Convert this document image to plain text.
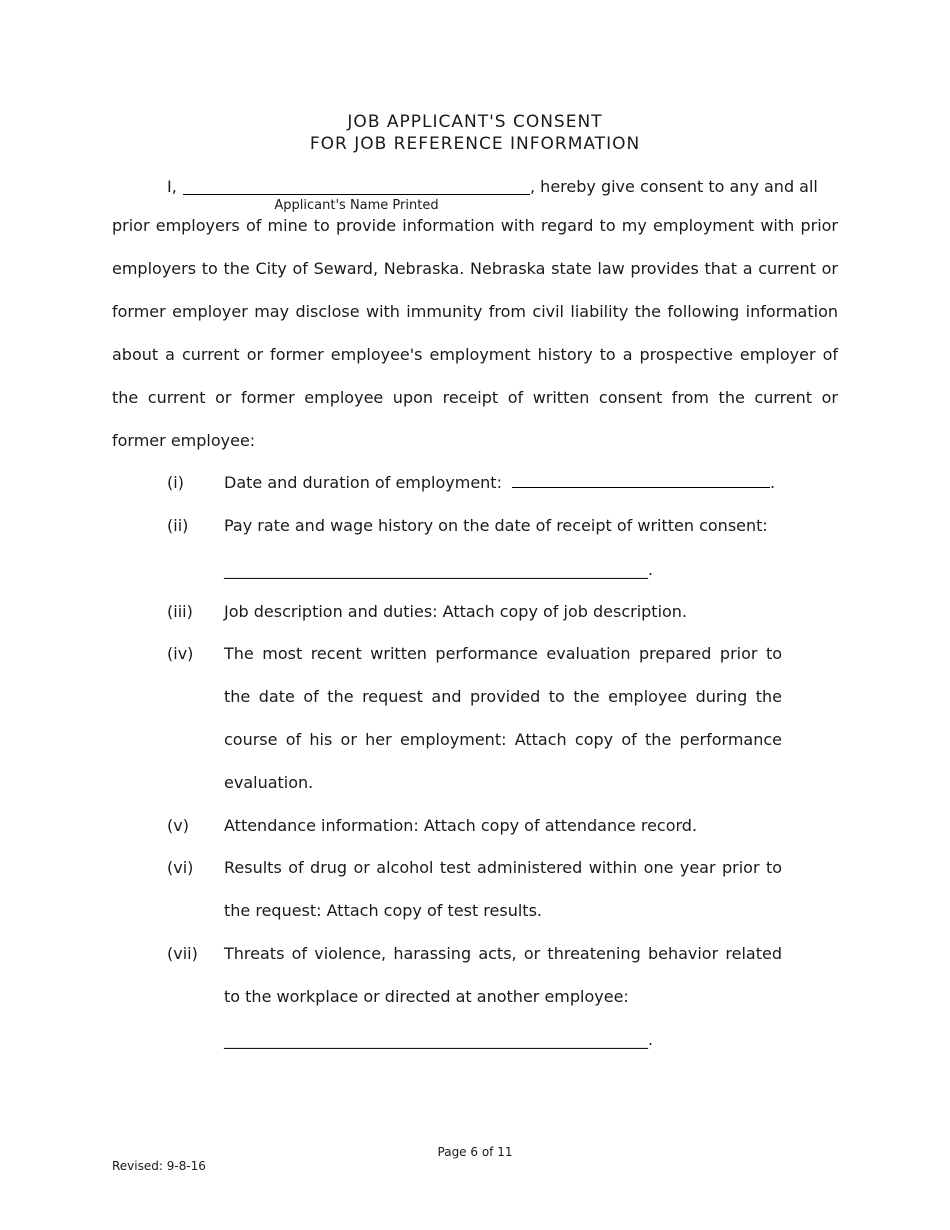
JOB APPLICANT'S CONSENT
FOR JOB REFERENCE INFORMATION
I,	, hereby give consent to any and all
Applicant's Name Printed
prior employers of mine to provide information with regard to my employment with prior employers to the City of Seward, Nebraska. Nebraska state law provides that a current or former employer may disclose with immunity from civil liability the following information about a current or former employee's employment history to a prospective employer of the current or former employee upon receipt of written consent from the current or former employee:
(i)	Date and duration of employment:	.
(ii) Pay rate and wage history on the date of receipt of written consent:
_____________________________________________________.
(iii) Job description and duties: Attach copy of job description.
(iv) The most recent written performance evaluation prepared prior to the date of the request and provided to the employee during the course of his or her employment: Attach copy of the performance evaluation.
(v) Attendance information: Attach copy of attendance record.
(vi) Results of drug or alcohol test administered within one year prior to the request: Attach copy of test results.
(vii) Threats of violence, harassing acts, or threatening behavior related to the workplace or directed at another employee:
_____________________________________________________.
Page 6 of 11
Revised: 9-8-16
